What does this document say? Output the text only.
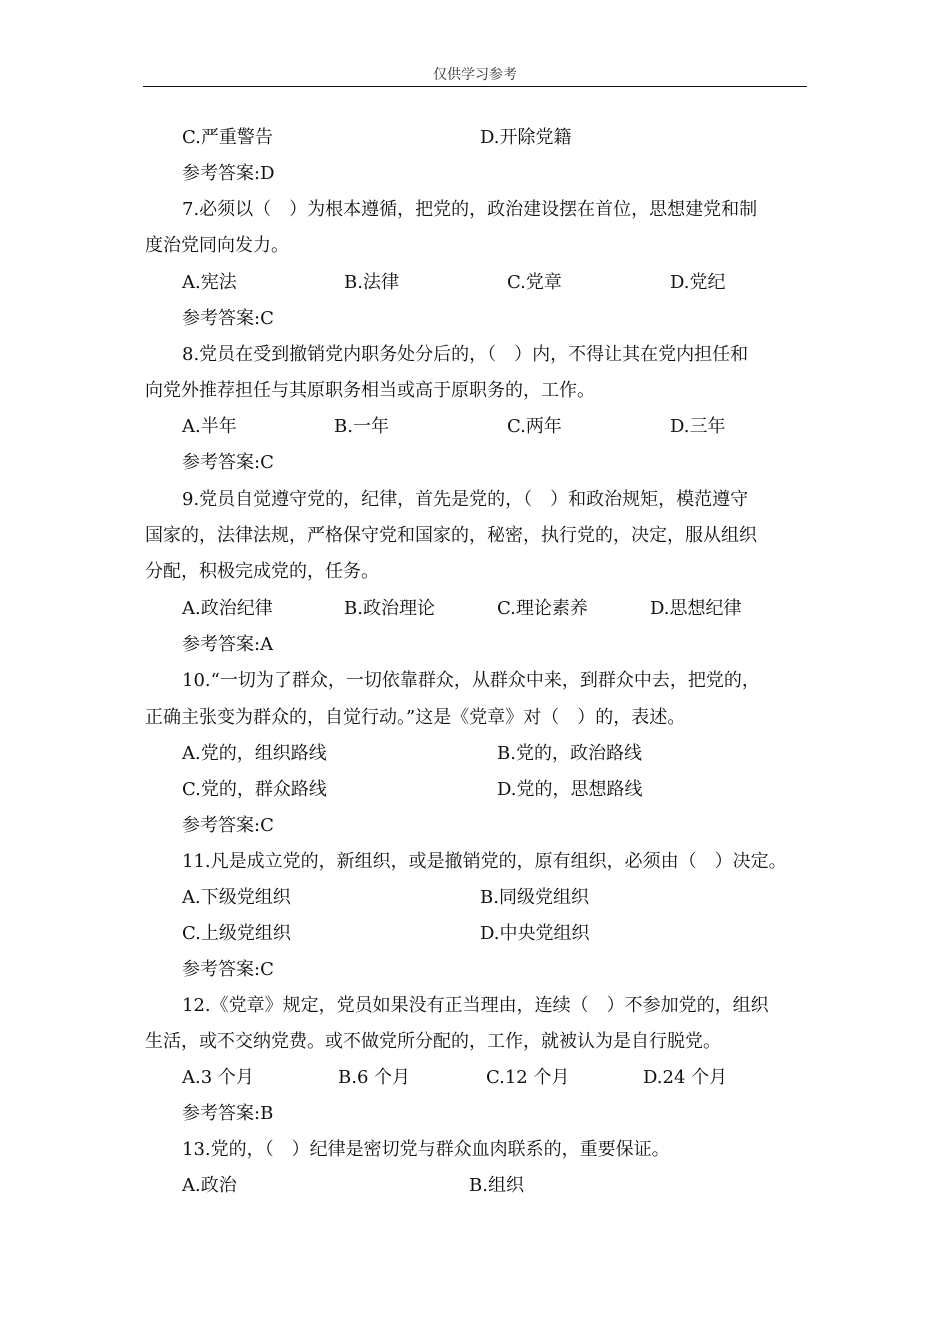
仅供学习参考
C.严重警告	D.开除党籍
参考答案:D
7.必须以（　）为根本遵循，把党的，政治建设摆在首位，思想建党和制
度治党同向发力。
A.宪法	B.法律	C.党章	D.党纪
参考答案:C
8.党员在受到撤销党内职务处分后的，（　）内，不得让其在党内担任和
向党外推荐担任与其原职务相当或高于原职务的，工作。
A.半年	B.一年	C.两年	D.三年
参考答案:C
9.党员自觉遵守党的，纪律，首先是党的，（　）和政治规矩，模范遵守
国家的，法律法规，严格保守党和国家的，秘密，执行党的，决定，服从组织
分配，积极完成党的，任务。
A.政治纪律	B.政治理论	C.理论素养	D.思想纪律
参考答案:A
10.“一切为了群众，一切依靠群众，从群众中来，到群众中去，把党的，
正确主张变为群众的，自觉行动。”这是《党章》对（　）的，表述。
A.党的，组织路线	B.党的，政治路线
C.党的，群众路线	D.党的，思想路线
参考答案:C
11.凡是成立党的，新组织，或是撤销党的，原有组织，必须由（　）决定。
A.下级党组织	B.同级党组织
C.上级党组织	D.中央党组织
参考答案:C
12.《党章》规定，党员如果没有正当理由，连续（　）不参加党的，组织
生活，或不交纳党费。或不做党所分配的，工作，就被认为是自行脱党。
A.3 个月	B.6 个月	C.12 个月	D.24 个月
参考答案:B
13.党的，（　）纪律是密切党与群众血肉联系的，重要保证。
A.政治	B.组织
